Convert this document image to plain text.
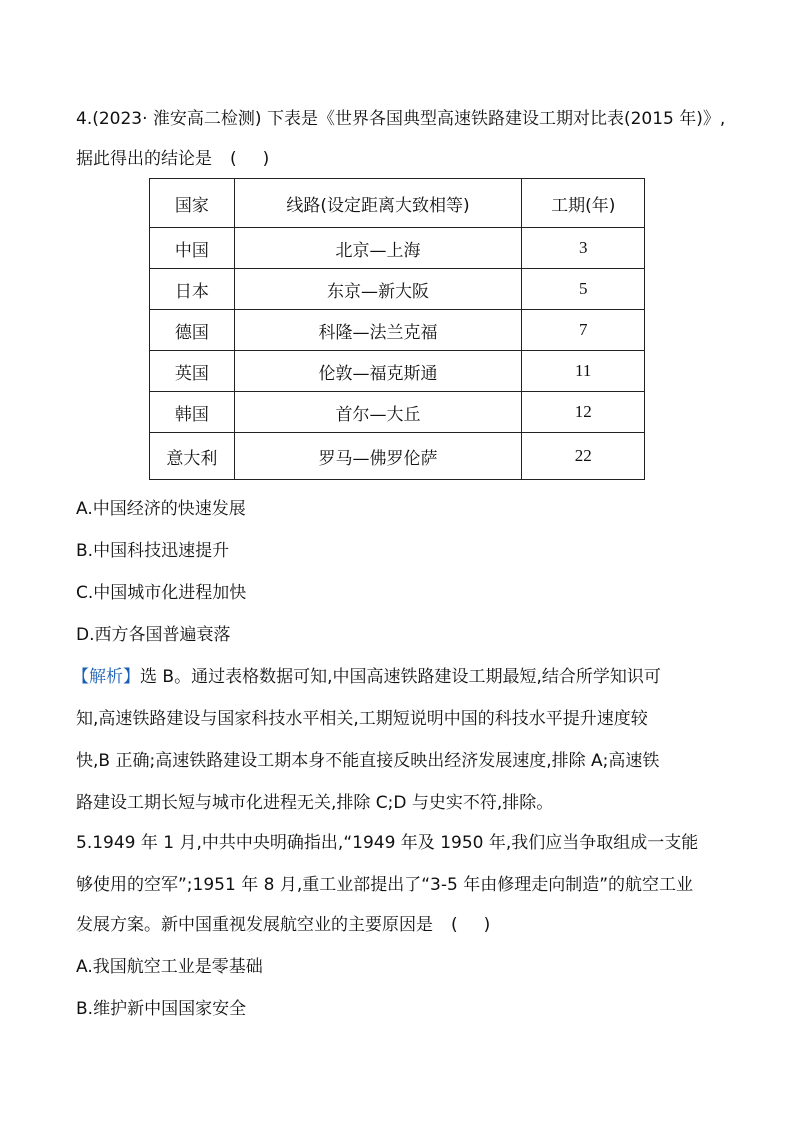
4.(2023· 淮安高二检测) 下表是《世界各国典型高速铁路建设工期对比表(2015 年)》,
据此得出的结论是 ()
国家	线路(设定距离大致相等)	工期(年)
中国	北京—上海	3
日本	东京—新大阪	5
德国	科隆—法兰克福	7
英国	伦敦—福克斯通	11
韩国	首尔—大丘	12
意大利	罗马—佛罗伦萨	22
A.中国经济的快速发展
B.中国科技迅速提升
C.中国城市化进程加快
D.西方各国普遍衰落
【解析】选 B。通过表格数据可知,中国高速铁路建设工期最短,结合所学知识可
知,高速铁路建设与国家科技水平相关,工期短说明中国的科技水平提升速度较
快,B 正确;高速铁路建设工期本身不能直接反映出经济发展速度,排除 A;高速铁
路建设工期长短与城市化进程无关,排除 C;D 与史实不符,排除。
5.1949 年 1 月,中共中央明确指出,“1949 年及 1950 年,我们应当争取组成一支能
够使用的空军”;1951 年 8 月,重工业部提出了“3-5 年由修理走向制造”的航空工业
发展方案。新中国重视发展航空业的主要原因是 ()
A.我国航空工业是零基础
B.维护新中国国家安全
